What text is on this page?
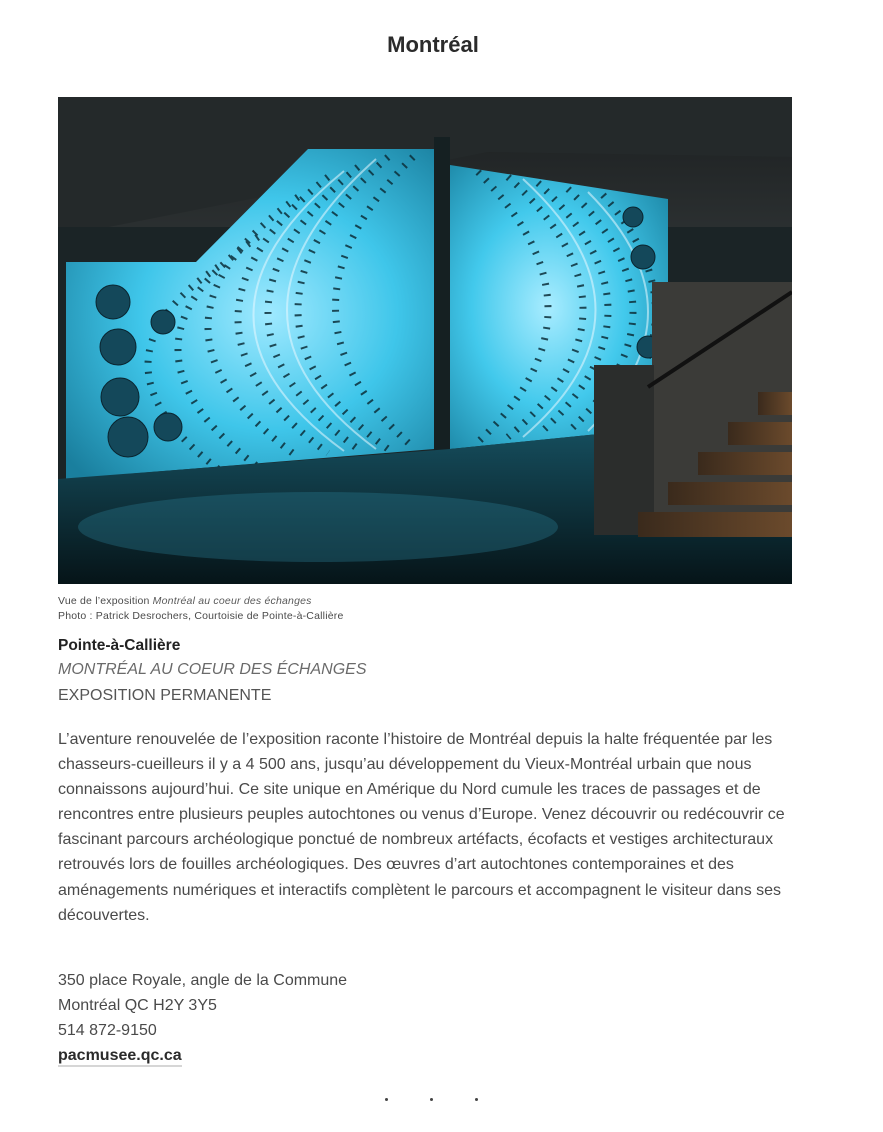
Montréal
Vue de l’exposition Montréal au coeur des échanges
Photo : Patrick Desrochers, Courtoisie de Pointe-à-Callière
Pointe-à-Callière
MONTRÉAL AU COEUR DES ÉCHANGES
EXPOSITION PERMANENTE

L’aventure renouvelée de l’exposition raconte l’histoire de Montréal depuis la halte fréquentée par les chasseurs-cueilleurs il y a 4 500 ans, jusqu’au développement du Vieux-Montréal urbain que nous connaissons aujourd’hui. Ce site unique en Amérique du Nord cumule les traces de passages et de rencontres entre plusieurs peuples autochtones ou venus d’Europe. Venez découvrir ou redécouvrir ce fascinant parcours archéologique ponctué de nombreux artéfacts, écofacts et vestiges architecturaux retrouvés lors de fouilles archéologiques. Des œuvres d’art autochtones contemporaines et des aménagements numériques et interactifs complètent le parcours et accompagnent le visiteur dans ses découvertes.

350 place Royale, angle de la Commune
Montréal QC H2Y 3Y5
514 872-9150
pacmusee.qc.ca
